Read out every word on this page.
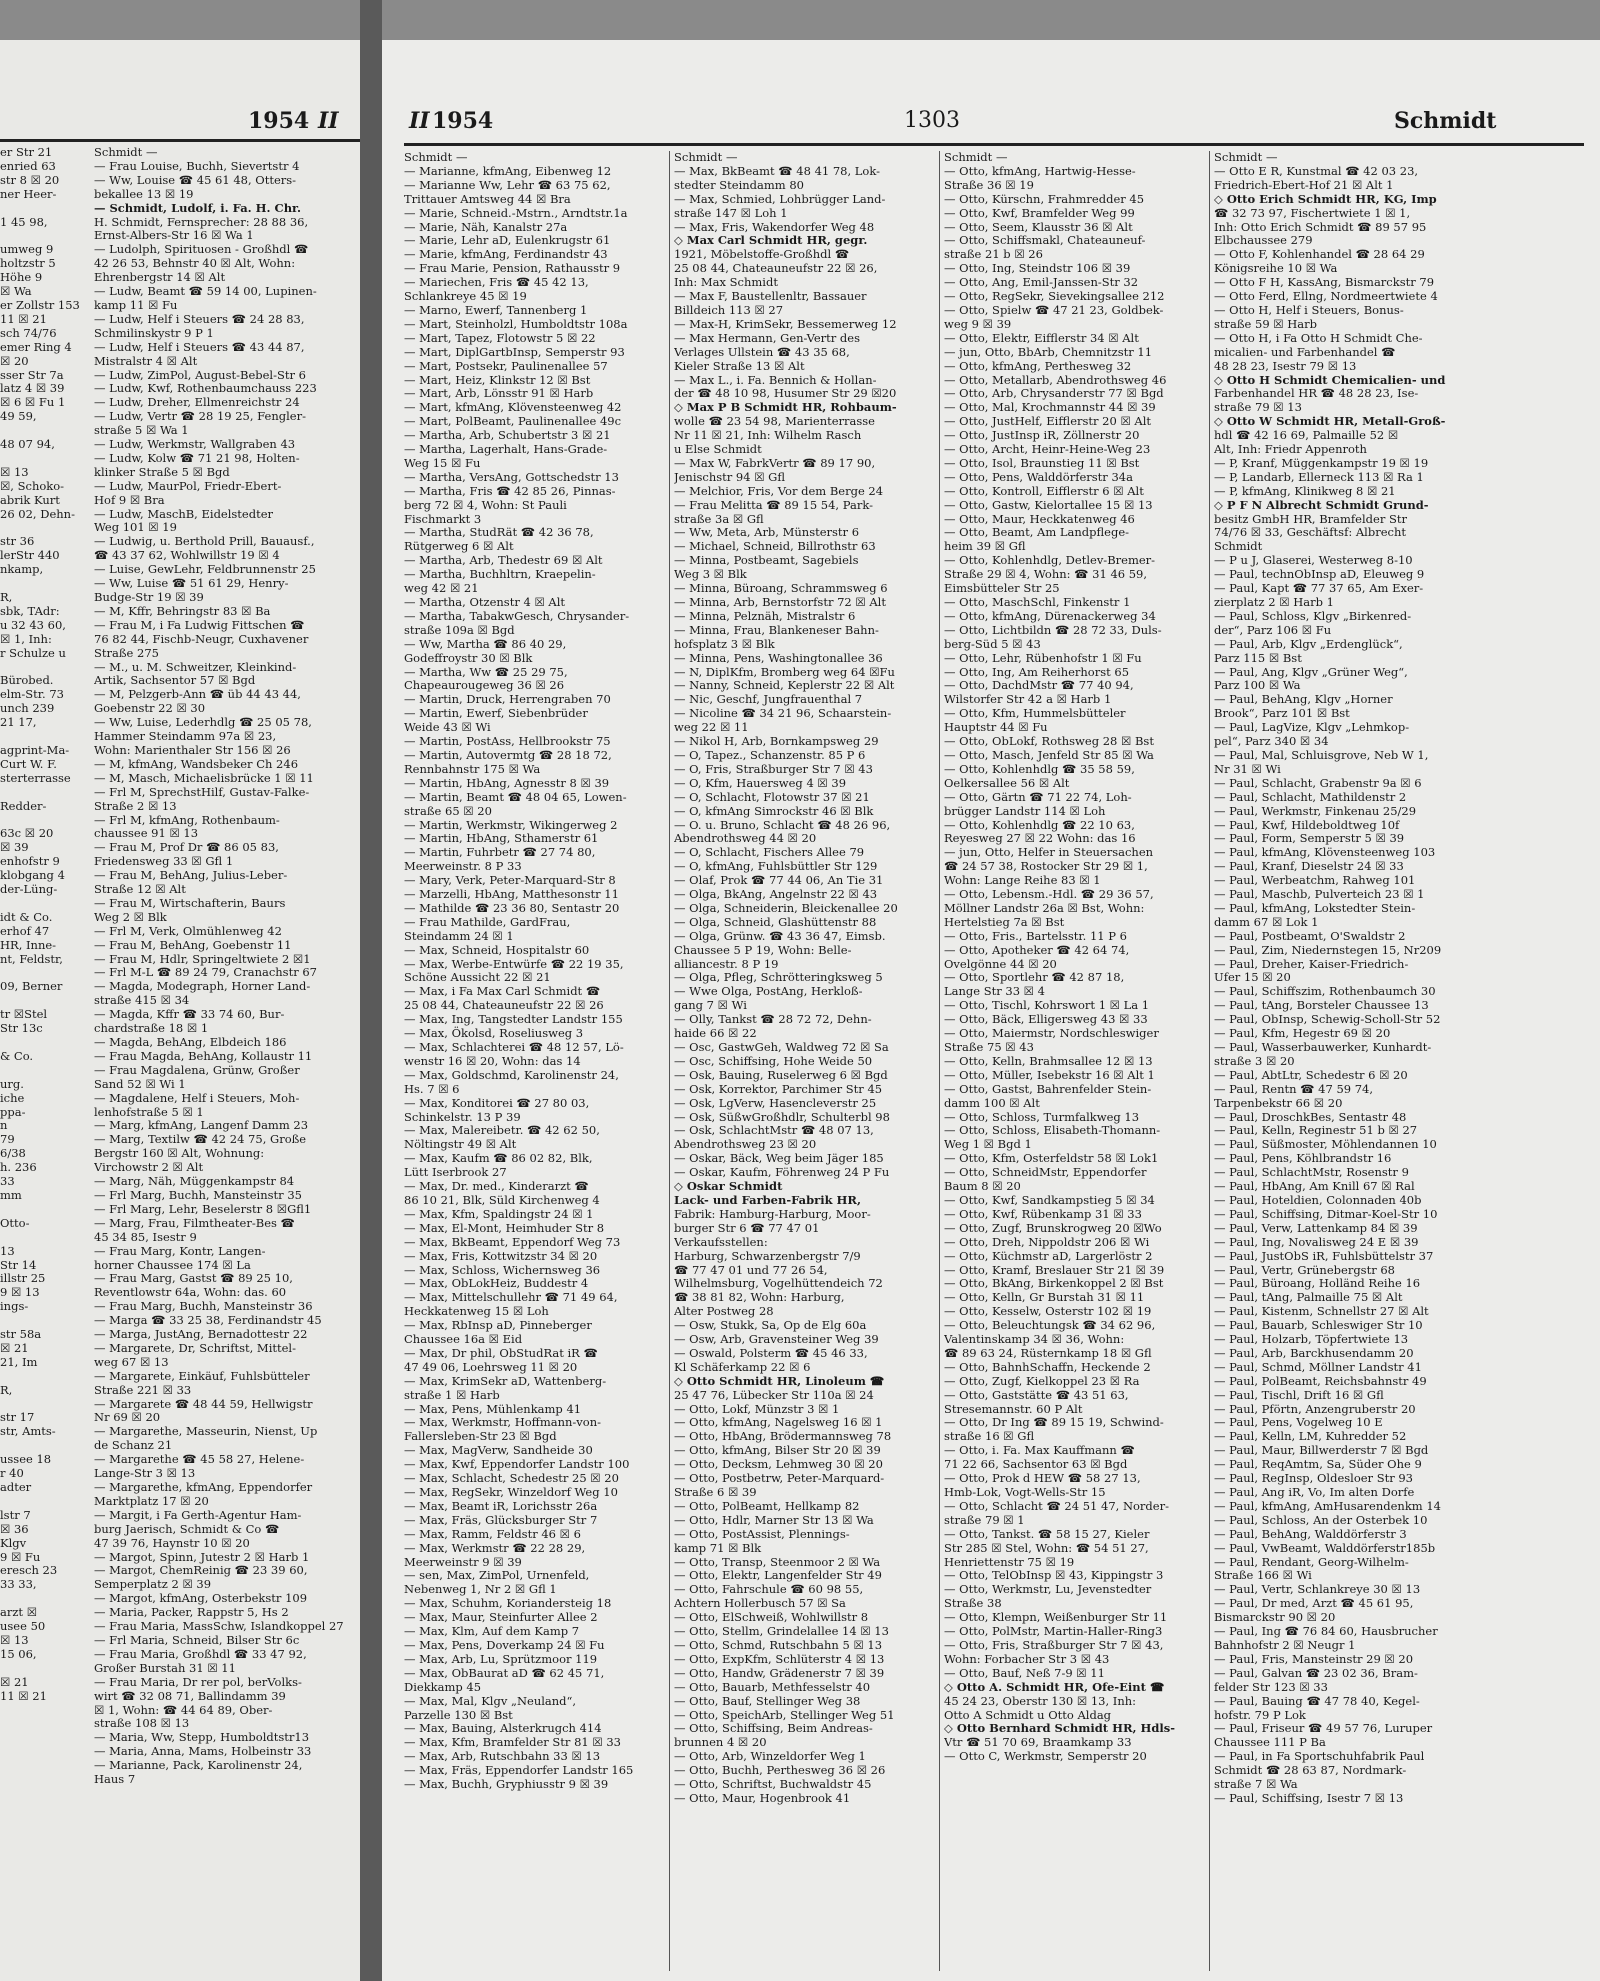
1954 II
er Str 21
enried 63
str 8 ☒ 20
ner Heer-

1 45 98,

umweg 9
holtzstr 5
Höhe 9
☒ Wa
er Zollstr 153
11 ☒ 21
sch 74/76
emer Ring 4
☒ 20
sser Str 7a
latz 4 ☒ 39
☒ 6 ☒ Fu 1
49 59,

48 07 94,

☒ 13
☒, Schoko-
abrik Kurt
26 02, Dehn-

str 36
lerStr 440
nkamp,

R,
sbk, TAdr:
u 32 43 60,
☒ 1, Inh:
r Schulze u

Bürobed.
elm-Str. 73
unch 239
21 17,

agprint-Ma-
Curt W. F.
sterterrasse

Redder-

63c ☒ 20
☒ 39
enhofstr 9
klobgang 4
der-Lüng-

idt & Co.
erhof 47
HR, Inne-
nt, Feldstr,

09, Berner

tr ☒Stel
Str 13c

& Co.

urg.
iche
ppa-
n
79
6/38
h. 236
33
mm

Otto-

13
Str 14
illstr 25
9 ☒ 13
ings-

str 58a
☒ 21
21, Im

R,

str 17
str, Amts-

ussee 18
r 40
adter

lstr 7
☒ 36
Klgv
9 ☒ Fu
eresch 23
33 33,

arzt ☒
usee 50
☒ 13
15 06,

☒ 21
11 ☒ 21
Schmidt —
— Frau Louise, Buchh, Sievertstr 4
— Ww, Louise ☎ 45 61 48, Otters-
bekallee 13 ☒ 19
— Schmidt, Ludolf, i. Fa. H. Chr.
H. Schmidt, Fernsprecher: 28 88 36,
Ernst-Albers-Str 16 ☒ Wa 1
— Ludolph, Spirituosen - Großhdl ☎
42 26 53, Behnstr 40 ☒ Alt, Wohn:
Ehrenbergstr 14 ☒ Alt
— Ludw, Beamt ☎ 59 14 00, Lupinen-
kamp 11 ☒ Fu
— Ludw, Helf i Steuers ☎ 24 28 83,
Schmilinskystr 9 P 1
— Ludw, Helf i Steuers ☎ 43 44 87,
Mistralstr 4 ☒ Alt
— Ludw, ZimPol, August-Bebel-Str 6
— Ludw, Kwf, Rothenbaumchauss 223
— Ludw, Dreher, Ellmenreichstr 24
— Ludw, Vertr ☎ 28 19 25, Fengler-
straße 5 ☒ Wa 1
— Ludw, Werkmstr, Wallgraben 43
— Ludw, Kolw ☎ 71 21 98, Holten-
klinker Straße 5 ☒ Bgd
— Ludw, MaurPol, Friedr-Ebert-
Hof 9 ☒ Bra
— Ludw, MaschB, Eidelstedter
Weg 101 ☒ 19
— Ludwig, u. Berthold Prill, Bauausf.,
☎ 43 37 62, Wohlwillstr 19 ☒ 4
— Luise, GewLehr, Feldbrunnenstr 25
— Ww, Luise ☎ 51 61 29, Henry-
Budge-Str 19 ☒ 39
— M, Kffr, Behringstr 83 ☒ Ba
— Frau M, i Fa Ludwig Fittschen ☎
76 82 44, Fischb-Neugr, Cuxhavener
Straße 275
— M., u. M. Schweitzer, Kleinkind-
Artik, Sachsentor 57 ☒ Bgd
— M, Pelzgerb-Ann ☎ üb 44 43 44,
Goebenstr 22 ☒ 30
— Ww, Luise, Lederhdlg ☎ 25 05 78,
Hammer Steindamm 97a ☒ 23,
Wohn: Marienthaler Str 156 ☒ 26
— M, kfmAng, Wandsbeker Ch 246
— M, Masch, Michaelisbrücke 1 ☒ 11
— Frl M, SprechstHilf, Gustav-Falke-
Straße 2 ☒ 13
— Frl M, kfmAng, Rothenbaum-
chaussee 91 ☒ 13
— Frau M, Prof Dr ☎ 86 05 83,
Friedensweg 33 ☒ Gfl 1
— Frau M, BehAng, Julius-Leber-
Straße 12 ☒ Alt
— Frau M, Wirtschafterin, Baurs
Weg 2 ☒ Blk
— Frl M, Verk, Olmühlenweg 42
— Frau M, BehAng, Goebenstr 11
— Frau M, Hdlr, Springeltwiete 2 ☒1
— Frl M-L ☎ 89 24 79, Cranachstr 67
— Magda, Modegraph, Horner Land-
straße 415 ☒ 34
— Magda, Kffr ☎ 33 74 60, Bur-
chardstraße 18 ☒ 1
— Magda, BehAng, Elbdeich 186
— Frau Magda, BehAng, Kollaustr 11
— Frau Magdalena, Grünw, Großer
Sand 52 ☒ Wi 1
— Magdalene, Helf i Steuers, Moh-
lenhofstraße 5 ☒ 1
— Marg, kfmAng, Langenf Damm 23
— Marg, Textilw ☎ 42 24 75, Große
Bergstr 160 ☒ Alt, Wohnung:
Virchowstr 2 ☒ Alt
— Marg, Näh, Müggenkampstr 84
— Frl Marg, Buchh, Mansteinstr 35
— Frl Marg, Lehr, Beselerstr 8 ☒Gfl1
— Marg, Frau, Filmtheater-Bes ☎
45 34 85, Isestr 9
— Frau Marg, Kontr, Langen-
horner Chaussee 174 ☒ La
— Frau Marg, Gastst ☎ 89 25 10,
Reventlowstr 64a, Wohn: das. 60
— Frau Marg, Buchh, Mansteinstr 36
— Marga ☎ 33 25 38, Ferdinandstr 45
— Marga, JustAng, Bernadottestr 22
— Margarete, Dr, Schriftst, Mittel-
weg 67 ☒ 13
— Margarete, Einkäuf, Fuhlsbütteler
Straße 221 ☒ 33
— Margarete ☎ 48 44 59, Hellwigstr
Nr 69 ☒ 20
— Margarethe, Masseurin, Nienst, Up
de Schanz 21
— Margarethe ☎ 45 58 27, Helene-
Lange-Str 3 ☒ 13
— Margarethe, kfmAng, Eppendorfer
Marktplatz 17 ☒ 20
— Margit, i Fa Gerth-Agentur Ham-
burg Jaerisch, Schmidt & Co ☎
47 39 76, Haynstr 10 ☒ 20
— Margot, Spinn, Jutestr 2 ☒ Harb 1
— Margot, ChemReinig ☎ 23 39 60,
Semperplatz 2 ☒ 39
— Margot, kfmAng, Osterbekstr 109
— Maria, Packer, Rappstr 5, Hs 2
— Frau Maria, MassSchw, Islandkoppel 27
— Frl Maria, Schneid, Bilser Str 6c
— Frau Maria, Großhdl ☎ 33 47 92,
Großer Burstah 31 ☒ 11
— Frau Maria, Dr rer pol, berVolks-
wirt ☎ 32 08 71, Ballindamm 39
☒ 1, Wohn: ☎ 44 64 89, Ober-
straße 108 ☒ 13
— Maria, Ww, Stepp, Humboldtstr13
— Maria, Anna, Mams, Holbeinstr 33
— Marianne, Pack, Karolinenstr 24,
Haus 7
II 1954	1303	Schmidt
Schmidt —
— Marianne, kfmAng, Eibenweg 12
— Marianne Ww, Lehr ☎ 63 75 62,
Trittauer Amtsweg 44 ☒ Bra
— Marie, Schneid.-Mstrn., Arndtstr.1a
— Marie, Näh, Kanalstr 27a
— Marie, Lehr aD, Eulenkrugstr 61
— Marie, kfmAng, Ferdinandstr 43
— Frau Marie, Pension, Rathausstr 9
— Mariechen, Fris ☎ 45 42 13,
Schlankreye 45 ☒ 19
— Marno, Ewerf, Tannenberg 1
— Mart, Steinholzl, Humboldtstr 108a
— Mart, Tapez, Flotowstr 5 ☒ 22
— Mart, DiplGartbInsp, Semperstr 93
— Mart, Postsekr, Paulinenallee 57
— Mart, Heiz, Klinkstr 12 ☒ Bst
— Mart, Arb, Lönsstr 91 ☒ Harb
— Mart, kfmAng, Klövensteenweg 42
— Mart, PolBeamt, Paulinenallee 49c
— Martha, Arb, Schubertstr 3 ☒ 21
— Martha, Lagerhalt, Hans-Grade-
Weg 15 ☒ Fu
— Martha, VersAng, Gottschedstr 13
— Martha, Fris ☎ 42 85 26, Pinnas-
berg 72 ☒ 4, Wohn: St Pauli
Fischmarkt 3
— Martha, StudRät ☎ 42 36 78,
Rütgerweg 6 ☒ Alt
— Martha, Arb, Thedestr 69 ☒ Alt
— Martha, Buchhltrn, Kraepelin-
weg 42 ☒ 21
— Martha, Otzenstr 4 ☒ Alt
— Martha, TabakwGesch, Chrysander-
straße 109a ☒ Bgd
— Ww, Martha ☎ 86 40 29,
Godeffroystr 30 ☒ Blk
— Martha, Ww ☎ 25 29 75,
Chapeaurougeweg 36 ☒ 26
— Martin, Druck, Herrengraben 70
— Martin, Ewerf, Siebenbrüder
Weide 43 ☒ Wi
— Martin, PostAss, Hellbrookstr 75
— Martin, Autovermtg ☎ 28 18 72,
Rennbahnstr 175 ☒ Wa
— Martin, HbAng, Agnesstr 8 ☒ 39
— Martin, Beamt ☎ 48 04 65, Lowen-
straße 65 ☒ 20
— Martin, Werkmstr, Wikingerweg 2
— Martin, HbAng, Sthamerstr 61
— Martin, Fuhrbetr ☎ 27 74 80,
Meerweinstr. 8 P 33
— Mary, Verk, Peter-Marquard-Str 8
— Marzelli, HbAng, Matthesonstr 11
— Mathilde ☎ 23 36 80, Sentastr 20
— Frau Mathilde, GardFrau,
Steindamm 24 ☒ 1
— Max, Schneid, Hospitalstr 60
— Max, Werbe-Entwürfe ☎ 22 19 35,
Schöne Aussicht 22 ☒ 21
— Max, i Fa Max Carl Schmidt ☎
25 08 44, Chateauneufstr 22 ☒ 26
— Max, Ing, Tangstedter Landstr 155
— Max, Ökolsd, Roseliusweg 3
— Max, Schlachterei ☎ 48 12 57, Lö-
wenstr 16 ☒ 20, Wohn: das 14
— Max, Goldschmd, Karolinenstr 24,
Hs. 7 ☒ 6
— Max, Konditorei ☎ 27 80 03,
Schinkelstr. 13 P 39
— Max, Malereibetr. ☎ 42 62 50,
Nöltingstr 49 ☒ Alt
— Max, Kaufm ☎ 86 02 82, Blk,
Lütt Iserbrook 27
— Max, Dr. med., Kinderarzt ☎
86 10 21, Blk, Süld Kirchenweg 4
— Max, Kfm, Spaldingstr 24 ☒ 1
— Max, El-Mont, Heimhuder Str 8
— Max, BkBeamt, Eppendorf Weg 73
— Max, Fris, Kottwitzstr 34 ☒ 20
— Max, Schloss, Wichernsweg 36
— Max, ObLokHeiz, Buddestr 4
— Max, Mittelschullehr ☎ 71 49 64,
Heckkatenweg 15 ☒ Loh
— Max, RbInsp aD, Pinneberger
Chaussee 16a ☒ Eid
— Max, Dr phil, ObStudRat iR ☎
47 49 06, Loehrsweg 11 ☒ 20
— Max, KrimSekr aD, Wattenberg-
straße 1 ☒ Harb
— Max, Pens, Mühlenkamp 41
— Max, Werkmstr, Hoffmann-von-
Fallersleben-Str 23 ☒ Bgd
— Max, MagVerw, Sandheide 30
— Max, Kwf, Eppendorfer Landstr 100
— Max, Schlacht, Schedestr 25 ☒ 20
— Max, RegSekr, Winzeldorf Weg 10
— Max, Beamt iR, Lorichsstr 26a
— Max, Fräs, Glücksburger Str 7
— Max, Ramm, Feldstr 46 ☒ 6
— Max, Werkmstr ☎ 22 28 29,
Meerweinstr 9 ☒ 39
— sen, Max, ZimPol, Urnenfeld,
Nebenweg 1, Nr 2 ☒ Gfl 1
— Max, Schuhm, Koriandersteig 18
— Max, Maur, Steinfurter Allee 2
— Max, Klm, Auf dem Kamp 7
— Max, Pens, Doverkamp 24 ☒ Fu
— Max, Arb, Lu, Sprützmoor 119
— Max, ObBaurat aD ☎ 62 45 71,
Diekkamp 45
— Max, Mal, Klgv „Neuland“,
Parzelle 130 ☒ Bst
— Max, Bauing, Alsterkrugch 414
— Max, Kfm, Bramfelder Str 81 ☒ 33
— Max, Arb, Rutschbahn 33 ☒ 13
— Max, Fräs, Eppendorfer Landstr 165
— Max, Buchh, Gryphiusstr 9 ☒ 39
Schmidt —
— Max, BkBeamt ☎ 48 41 78, Lok-
stedter Steindamm 80
— Max, Schmied, Lohbrügger Land-
straße 147 ☒ Loh 1
— Max, Fris, Wakendorfer Weg 48
◇ Max Carl Schmidt HR, gegr.
1921, Möbelstoffe-Großhdl ☎
25 08 44, Chateauneufstr 22 ☒ 26,
Inh: Max Schmidt
— Max F, Baustellenltr, Bassauer
Billdeich 113 ☒ 27
— Max-H, KrimSekr, Bessemerweg 12
— Max Hermann, Gen-Vertr des
Verlages Ullstein ☎ 43 35 68,
Kieler Straße 13 ☒ Alt
— Max L., i. Fa. Bennich & Hollan-
der ☎ 48 10 98, Husumer Str 29 ☒20
◇ Max P B Schmidt HR, Rohbaum-
wolle ☎ 23 54 98, Marienterrasse
Nr 11 ☒ 21, Inh: Wilhelm Rasch
u Else Schmidt
— Max W, FabrkVertr ☎ 89 17 90,
Jenischstr 94 ☒ Gfl
— Melchior, Fris, Vor dem Berge 24
— Frau Melitta ☎ 89 15 54, Park-
straße 3a ☒ Gfl
— Ww, Meta, Arb, Münsterstr 6
— Michael, Schneid, Billrothstr 63
— Minna, Postbeamt, Sagebiels
Weg 3 ☒ Blk
— Minna, Büroang, Schrammsweg 6
— Minna, Arb, Bernstorfstr 72 ☒ Alt
— Minna, Pelznäh, Mistralstr 6
— Minna, Frau, Blankeneser Bahn-
hofsplatz 3 ☒ Blk
— Minna, Pens, Washingtonallee 36
— N, DiplKfm, Bromberg weg 64 ☒Fu
— Nanny, Schneid, Keplerstr 22 ☒ Alt
— Nic, Geschf, Jungfrauenthal 7
— Nicoline ☎ 34 21 96, Schaarstein-
weg 22 ☒ 11
— Nikol H, Arb, Bornkampsweg 29
— O, Tapez., Schanzenstr. 85 P 6
— O, Fris, Straßburger Str 7 ☒ 43
— O, Kfm, Hauersweg 4 ☒ 39
— O, Schlacht, Flotowstr 37 ☒ 21
— O, kfmAng Simrockstr 46 ☒ Blk
— O. u. Bruno, Schlacht ☎ 48 26 96,
Abendrothsweg 44 ☒ 20
— O, Schlacht, Fischers Allee 79
— O, kfmAng, Fuhlsbüttler Str 129
— Olaf, Prok ☎ 77 44 06, An Tie 31
— Olga, BkAng, Angelnstr 22 ☒ 43
— Olga, Schneiderin, Bleickenallee 20
— Olga, Schneid, Glashüttenstr 88
— Olga, Grünw. ☎ 43 36 47, Eimsb.
Chaussee 5 P 19, Wohn: Belle-
alliancestr. 8 P 19
— Olga, Pfleg, Schrötteringksweg 5
— Wwe Olga, PostAng, Herkloß-
gang 7 ☒ Wi
— Olly, Tankst ☎ 28 72 72, Dehn-
haide 66 ☒ 22
— Osc, GastwGeh, Waldweg 72 ☒ Sa
— Osc, Schiffsing, Hohe Weide 50
— Osk, Bauing, Ruselerweg 6 ☒ Bgd
— Osk, Korrektor, Parchimer Str 45
— Osk, LgVerw, Hasencleverstr 25
— Osk, SüßwGroßhdlr, Schulterbl 98
— Osk, SchlachtMstr ☎ 48 07 13,
Abendrothsweg 23 ☒ 20
— Oskar, Bäck, Weg beim Jäger 185
— Oskar, Kaufm, Föhrenweg 24 P Fu
◇ Oskar Schmidt
Lack- und Farben-Fabrik HR,
Fabrik: Hamburg-Harburg, Moor-
burger Str 6 ☎ 77 47 01
Verkaufsstellen:
Harburg, Schwarzenbergstr 7/9
☎ 77 47 01 und 77 26 54,
Wilhelmsburg, Vogelhüttendeich 72
☎ 38 81 82, Wohn: Harburg,
Alter Postweg 28
— Osw, Stukk, Sa, Op de Elg 60a
— Osw, Arb, Gravensteiner Weg 39
— Oswald, Polsterm ☎ 45 46 33,
Kl Schäferkamp 22 ☒ 6
◇ Otto Schmidt HR, Linoleum ☎
25 47 76, Lübecker Str 110a ☒ 24
— Otto, Lokf, Münzstr 3 ☒ 1
— Otto, kfmAng, Nagelsweg 16 ☒ 1
— Otto, HbAng, Brödermannsweg 78
— Otto, kfmAng, Bilser Str 20 ☒ 39
— Otto, Decksm, Lehmweg 30 ☒ 20
— Otto, Postbetrw, Peter-Marquard-
Straße 6 ☒ 39
— Otto, PolBeamt, Hellkamp 82
— Otto, Hdlr, Marner Str 13 ☒ Wa
— Otto, PostAssist, Plennings-
kamp 71 ☒ Blk
— Otto, Transp, Steenmoor 2 ☒ Wa
— Otto, Elektr, Langenfelder Str 49
— Otto, Fahrschule ☎ 60 98 55,
Achtern Hollerbusch 57 ☒ Sa
— Otto, ElSchweiß, Wohlwillstr 8
— Otto, Stellm, Grindelallee 14 ☒ 13
— Otto, Schmd, Rutschbahn 5 ☒ 13
— Otto, ExpKfm, Schlüterstr 4 ☒ 13
— Otto, Handw, Grädenerstr 7 ☒ 39
— Otto, Bauarb, Methfesselstr 40
— Otto, Bauf, Stellinger Weg 38
— Otto, SpeichArb, Stellinger Weg 51
— Otto, Schiffsing, Beim Andreas-
brunnen 4 ☒ 20
— Otto, Arb, Winzeldorfer Weg 1
— Otto, Buchh, Perthesweg 36 ☒ 26
— Otto, Schriftst, Buchwaldstr 45
— Otto, Maur, Hogenbrook 41
Schmidt —
— Otto, kfmAng, Hartwig-Hesse-
Straße 36 ☒ 19
— Otto, Kürschn, Frahmredder 45
— Otto, Kwf, Bramfelder Weg 99
— Otto, Seem, Klausstr 36 ☒ Alt
— Otto, Schiffsmakl, Chateauneuf-
straße 21 b ☒ 26
— Otto, Ing, Steindstr 106 ☒ 39
— Otto, Ang, Emil-Janssen-Str 32
— Otto, RegSekr, Sievekingsallee 212
— Otto, Spielw ☎ 47 21 23, Goldbek-
weg 9 ☒ 39
— Otto, Elektr, Eifflerstr 34 ☒ Alt
— jun, Otto, BbArb, Chemnitzstr 11
— Otto, kfmAng, Perthesweg 32
— Otto, Metallarb, Abendrothsweg 46
— Otto, Arb, Chrysanderstr 77 ☒ Bgd
— Otto, Mal, Krochmannstr 44 ☒ 39
— Otto, JustHelf, Eifflerstr 20 ☒ Alt
— Otto, JustInsp iR, Zöllnerstr 20
— Otto, Archt, Heinr-Heine-Weg 23
— Otto, Isol, Braunstieg 11 ☒ Bst
— Otto, Pens, Walddörferstr 34a
— Otto, Kontroll, Eifflerstr 6 ☒ Alt
— Otto, Gastw, Kielortallee 15 ☒ 13
— Otto, Maur, Heckkatenweg 46
— Otto, Beamt, Am Landpflege-
heim 39 ☒ Gfl
— Otto, Kohlenhdlg, Detlev-Bremer-
Straße 29 ☒ 4, Wohn: ☎ 31 46 59,
Eimsbütteler Str 25
— Otto, MaschSchl, Finkenstr 1
— Otto, kfmAng, Dürenackerweg 34
— Otto, Lichtbildn ☎ 28 72 33, Duls-
berg-Süd 5 ☒ 43
— Otto, Lehr, Rübenhofstr 1 ☒ Fu
— Otto, Ing, Am Reiherhorst 65
— Otto, DachdMstr ☎ 77 40 94,
Wilstorfer Str 42 a ☒ Harb 1
— Otto, Kfm, Hummelsbütteler
Hauptstr 44 ☒ Fu
— Otto, ObLokf, Rothsweg 28 ☒ Bst
— Otto, Masch, Jenfeld Str 85 ☒ Wa
— Otto, Kohlenhdlg ☎ 35 58 59,
Oelkersallee 56 ☒ Alt
— Otto, Gärtn ☎ 71 22 74, Loh-
brügger Landstr 114 ☒ Loh
— Otto, Kohlenhdlg ☎ 22 10 63,
Reyesweg 27 ☒ 22 Wohn: das 16
— jun, Otto, Helfer in Steuersachen
☎ 24 57 38, Rostocker Str 29 ☒ 1,
Wohn: Lange Reihe 83 ☒ 1
— Otto, Lebensm.-Hdl. ☎ 29 36 57,
Möllner Landstr 26a ☒ Bst, Wohn:
Hertelstieg 7a ☒ Bst
— Otto, Fris., Bartelsstr. 11 P 6
— Otto, Apotheker ☎ 42 64 74,
Ovelgönne 44 ☒ 20
— Otto, Sportlehr ☎ 42 87 18,
Lange Str 33 ☒ 4
— Otto, Tischl, Kohrswort 1 ☒ La 1
— Otto, Bäck, Elligersweg 43 ☒ 33
— Otto, Maiermstr, Nordschleswiger
Straße 75 ☒ 43
— Otto, Kelln, Brahmsallee 12 ☒ 13
— Otto, Müller, Isebekstr 16 ☒ Alt 1
— Otto, Gastst, Bahrenfelder Stein-
damm 100 ☒ Alt
— Otto, Schloss, Turmfalkweg 13
— Otto, Schloss, Elisabeth-Thomann-
Weg 1 ☒ Bgd 1
— Otto, Kfm, Osterfeldstr 58 ☒ Lok1
— Otto, SchneidMstr, Eppendorfer
Baum 8 ☒ 20
— Otto, Kwf, Sandkampstieg 5 ☒ 34
— Otto, Kwf, Rübenkamp 31 ☒ 33
— Otto, Zugf, Brunskrogweg 20 ☒Wo
— Otto, Dreh, Nippoldstr 206 ☒ Wi
— Otto, Küchmstr aD, Largerlöstr 2
— Otto, Kramf, Breslauer Str 21 ☒ 39
— Otto, BkAng, Birkenkoppel 2 ☒ Bst
— Otto, Kelln, Gr Burstah 31 ☒ 11
— Otto, Kesselw, Osterstr 102 ☒ 19
— Otto, Beleuchtungsk ☎ 34 62 96,
Valentinskamp 34 ☒ 36, Wohn:
☎ 89 63 24, Rüsternkamp 18 ☒ Gfl
— Otto, BahnhSchaffn, Heckende 2
— Otto, Zugf, Kielkoppel 23 ☒ Ra
— Otto, Gaststätte ☎ 43 51 63,
Stresemannstr. 60 P Alt
— Otto, Dr Ing ☎ 89 15 19, Schwind-
straße 16 ☒ Gfl
— Otto, i. Fa. Max Kauffmann ☎
71 22 66, Sachsentor 63 ☒ Bgd
— Otto, Prok d HEW ☎ 58 27 13,
Hmb-Lok, Vogt-Wells-Str 15
— Otto, Schlacht ☎ 24 51 47, Norder-
straße 79 ☒ 1
— Otto, Tankst. ☎ 58 15 27, Kieler
Str 285 ☒ Stel, Wohn: ☎ 54 51 27,
Henriettenstr 75 ☒ 19
— Otto, TelObInsp ☒ 43, Kippingstr 3
— Otto, Werkmstr, Lu, Jevenstedter
Straße 38
— Otto, Klempn, Weißenburger Str 11
— Otto, PolMstr, Martin-Haller-Ring3
— Otto, Fris, Straßburger Str 7 ☒ 43,
Wohn: Forbacher Str 3 ☒ 43
— Otto, Bauf, Neß 7-9 ☒ 11
◇ Otto A. Schmidt HR, Ofe-Eint ☎
45 24 23, Oberstr 130 ☒ 13, Inh:
Otto A Schmidt u Otto Aldag
◇ Otto Bernhard Schmidt HR, Hdls-
Vtr ☎ 51 70 69, Braamkamp 33
— Otto C, Werkmstr, Semperstr 20
Schmidt —
— Otto E R, Kunstmal ☎ 42 03 23,
Friedrich-Ebert-Hof 21 ☒ Alt 1
◇ Otto Erich Schmidt HR, KG, Imp
☎ 32 73 97, Fischertwiete 1 ☒ 1,
Inh: Otto Erich Schmidt ☎ 89 57 95
Elbchaussee 279
— Otto F, Kohlenhandel ☎ 28 64 29
Königsreihe 10 ☒ Wa
— Otto F H, KassAng, Bismarckstr 79
— Otto Ferd, Ellng, Nordmeertwiete 4
— Otto H, Helf i Steuers, Bonus-
straße 59 ☒ Harb
— Otto H, i Fa Otto H Schmidt Che-
micalien- und Farbenhandel ☎
48 28 23, Isestr 79 ☒ 13
◇ Otto H Schmidt Chemicalien- und
Farbenhandel HR ☎ 48 28 23, Ise-
straße 79 ☒ 13
◇ Otto W Schmidt HR, Metall-Groß-
hdl ☎ 42 16 69, Palmaille 52 ☒
Alt, Inh: Friedr Appenroth
— P, Kranf, Müggenkampstr 19 ☒ 19
— P, Landarb, Ellerneck 113 ☒ Ra 1
— P, kfmAng, Klinikweg 8 ☒ 21
◇ P F N Albrecht Schmidt Grund-
besitz GmbH HR, Bramfelder Str
74/76 ☒ 33, Geschäftsf: Albrecht
Schmidt
— P u J, Glaserei, Westerweg 8-10
— Paul, technObInsp aD, Eleuweg 9
— Paul, Kapt ☎ 77 37 65, Am Exer-
zierplatz 2 ☒ Harb 1
— Paul, Schloss, Klgv „Birkenred-
der“, Parz 106 ☒ Fu
— Paul, Arb, Klgv „Erdenglück“,
Parz 115 ☒ Bst
— Paul, Ang, Klgv „Grüner Weg“,
Parz 100 ☒ Wa
— Paul, BehAng, Klgv „Horner
Brook“, Parz 101 ☒ Bst
— Paul, LagVize, Klgv „Lehmkop-
pel“, Parz 340 ☒ 34
— Paul, Mal, Schluisgrove, Neb W 1,
Nr 31 ☒ Wi
— Paul, Schlacht, Grabenstr 9a ☒ 6
— Paul, Schlacht, Mathildenstr 2
— Paul, Werkmstr, Finkenau 25/29
— Paul, Kwf, Hildeboldtweg 10f
— Paul, Form, Semperstr 5 ☒ 39
— Paul, kfmAng, Klövensteenweg 103
— Paul, Kranf, Dieselstr 24 ☒ 33
— Paul, Werbeatchm, Rahweg 101
— Paul, Maschb, Pulverteich 23 ☒ 1
— Paul, kfmAng, Lokstedter Stein-
damm 67 ☒ Lok 1
— Paul, Postbeamt, O'Swaldstr 2
— Paul, Zim, Niedernstegen 15, Nr209
— Paul, Dreher, Kaiser-Friedrich-
Ufer 15 ☒ 20
— Paul, Schiffszim, Rothenbaumch 30
— Paul, tAng, Borsteler Chaussee 13
— Paul, ObInsp, Schewig-Scholl-Str 52
— Paul, Kfm, Hegestr 69 ☒ 20
— Paul, Wasserbauwerker, Kunhardt-
straße 3 ☒ 20
— Paul, AbtLtr, Schedestr 6 ☒ 20
— Paul, Rentn ☎ 47 59 74,
Tarpenbekstr 66 ☒ 20
— Paul, DroschkBes, Sentastr 48
— Paul, Kelln, Reginestr 51 b ☒ 27
— Paul, Süßmoster, Möhlendannen 10
— Paul, Pens, Köhlbrandstr 16
— Paul, SchlachtMstr, Rosenstr 9
— Paul, HbAng, Am Knill 67 ☒ Ral
— Paul, Hoteldien, Colonnaden 40b
— Paul, Schiffsing, Ditmar-Koel-Str 10
— Paul, Verw, Lattenkamp 84 ☒ 39
— Paul, Ing, Novalisweg 24 E ☒ 39
— Paul, JustObS iR, Fuhlsbüttelstr 37
— Paul, Vertr, Grünebergstr 68
— Paul, Büroang, Holländ Reihe 16
— Paul, tAng, Palmaille 75 ☒ Alt
— Paul, Kistenm, Schnellstr 27 ☒ Alt
— Paul, Bauarb, Schleswiger Str 10
— Paul, Holzarb, Töpfertwiete 13
— Paul, Arb, Barckhusendamm 20
— Paul, Schmd, Möllner Landstr 41
— Paul, PolBeamt, Reichsbahnstr 49
— Paul, Tischl, Drift 16 ☒ Gfl
— Paul, Pförtn, Anzengruberstr 20
— Paul, Pens, Vogelweg 10 E
— Paul, Kelln, LM, Kuhredder 52
— Paul, Maur, Billwerderstr 7 ☒ Bgd
— Paul, ReqAmtm, Sa, Süder Ohe 9
— Paul, RegInsp, Oldesloer Str 93
— Paul, Ang iR, Vo, Im alten Dorfe
— Paul, kfmAng, AmHusarendenkm 14
— Paul, Schloss, An der Osterbek 10
— Paul, BehAng, Walddörferstr 3
— Paul, VwBeamt, Walddörferstr185b
— Paul, Rendant, Georg-Wilhelm-
Straße 166 ☒ Wi
— Paul, Vertr, Schlankreye 30 ☒ 13
— Paul, Dr med, Arzt ☎ 45 61 95,
Bismarckstr 90 ☒ 20
— Paul, Ing ☎ 76 84 60, Hausbrucher
Bahnhofstr 2 ☒ Neugr 1
— Paul, Fris, Mansteinstr 29 ☒ 20
— Paul, Galvan ☎ 23 02 36, Bram-
felder Str 123 ☒ 33
— Paul, Bauing ☎ 47 78 40, Kegel-
hofstr. 79 P Lok
— Paul, Friseur ☎ 49 57 76, Luruper
Chaussee 111 P Ba
— Paul, in Fa Sportschuhfabrik Paul
Schmidt ☎ 28 63 87, Nordmark-
straße 7 ☒ Wa
— Paul, Schiffsing, Isestr 7 ☒ 13
